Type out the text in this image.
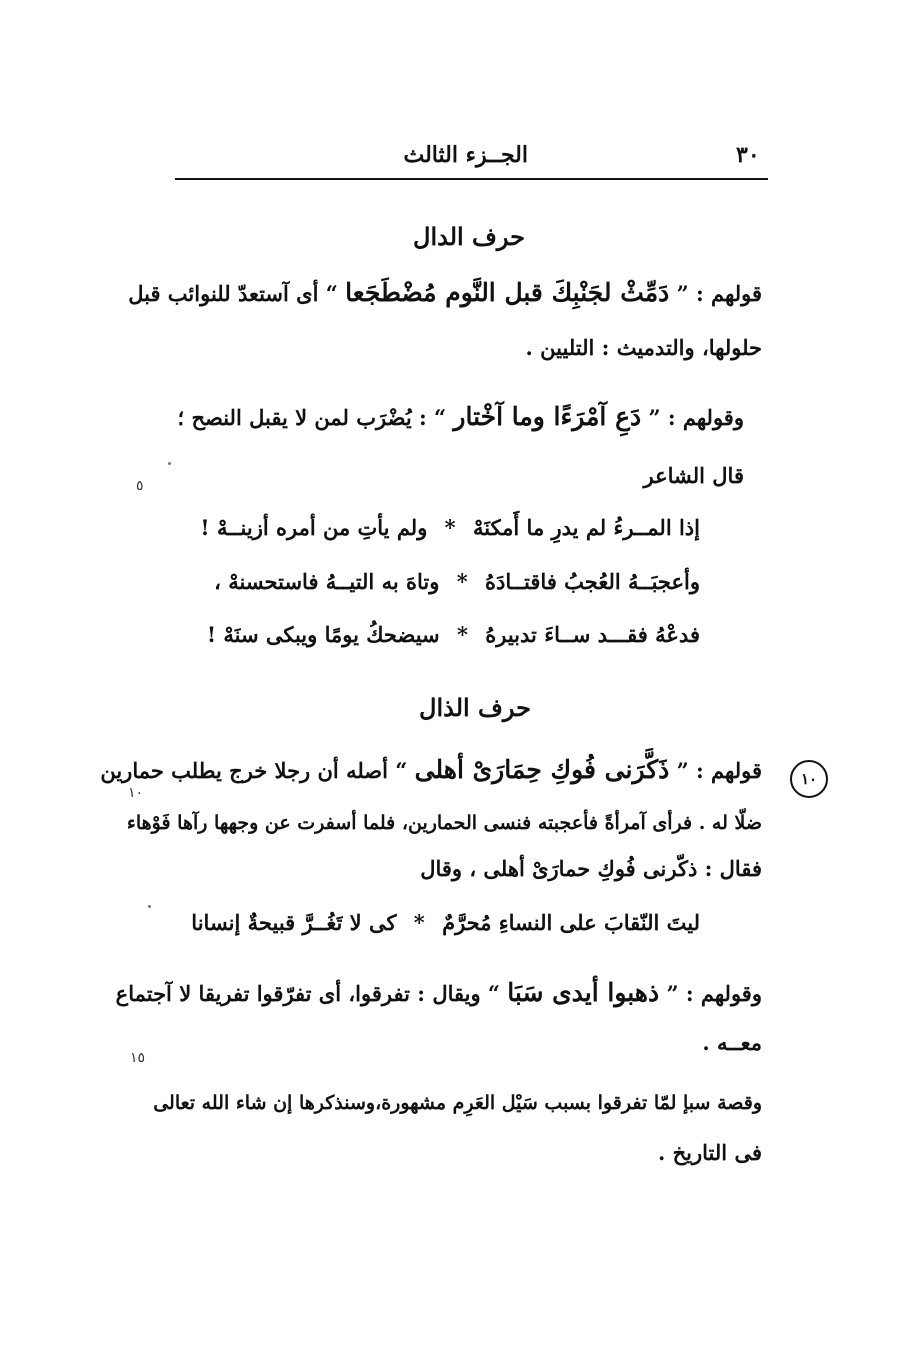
٣٠
الجــزء الثالث
حرف الدال
قولهم : ” دَمِّثْ لجَنْبِكَ قبل النَّوم مُضْطَجَعا “ أى آستعدّ للنوائب قبل
حلولها، والتدميث : التليين .
وقولهم : ” دَعِ آمْرَءًا وما آخْتار “ : يُضْرَب لمن لا يقبل النصح ؛
قال الشاعر
٥
إذا المــرءُ لم يدرِ ما أَمكنَهْ * ولم يأتِ من أمره أزينــهْ !
وأعجبَــهُ العُجبُ فاقتــادَهُ * وتاهَ به التيــهُ فاستحسنهْ ،
فدعْهُ فقـــد ســاءَ تدبيرهُ * سيضحكُ يومًا ويبكى سنَهْ !
حرف الذال
١٠
١٠
قولهم : ” ذَكَّرَنى فُوكِ حِمَارَىْ أهلى “ أصله أن رجلا خرج يطلب حمارين
ضلّا له . فرأى آمرأةً فأعجبته فنسى الحمارين، فلما أسفرت عن وجهها رآها فَوْهاء
فقال : ذكّرنى فُوكِ حمارَىْ أهلى ، وقال
ليتَ النّقابَ على النساءِ مُحرَّمٌ * كى لا تَغُــرَّ قبيحةٌ إنسانا
وقولهم : ” ذهبوا أيدى سَبَا “ ويقال : تفرقوا، أى تفرّقوا تفريقا لا آجتماع
معــه .
١٥
وقصة سبإ لمّا تفرقوا بسبب سَيْل العَرِم مشهورة،وسنذكرها إن شاء الله تعالى
فى التاريخ .
